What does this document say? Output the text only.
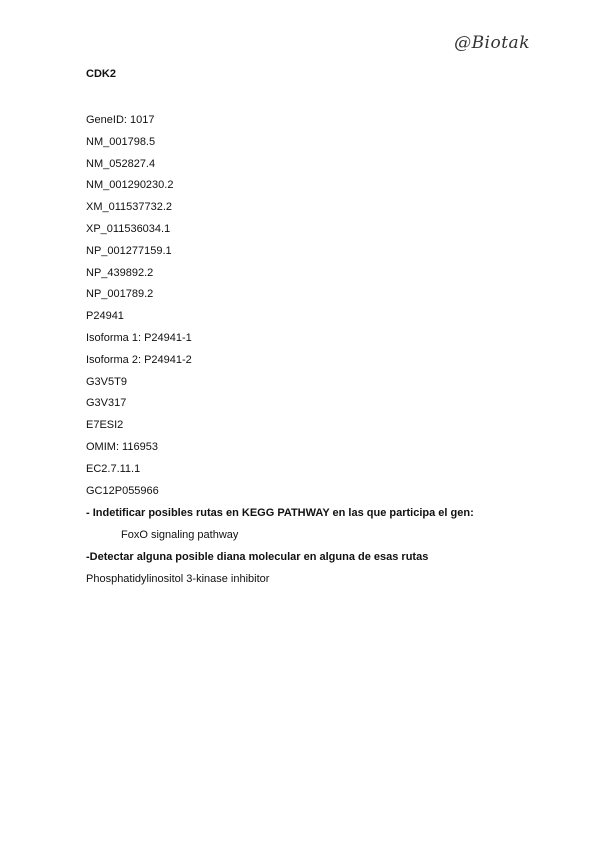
@Biotak
CDK2
GeneID: 1017
NM_001798.5
NM_052827.4
NM_001290230.2
XM_011537732.2
XP_011536034.1
NP_001277159.1
NP_439892.2
NP_001789.2
P24941
Isoforma 1: P24941-1
Isoforma 2: P24941-2
G3V5T9
G3V317
E7ESI2
OMIM: 116953
EC2.7.11.1
GC12P055966
- Indetificar posibles rutas en KEGG PATHWAY en las que participa el gen:
FoxO signaling pathway
-Detectar alguna posible diana molecular en alguna de esas rutas
Phosphatidylinositol 3-kinase inhibitor
